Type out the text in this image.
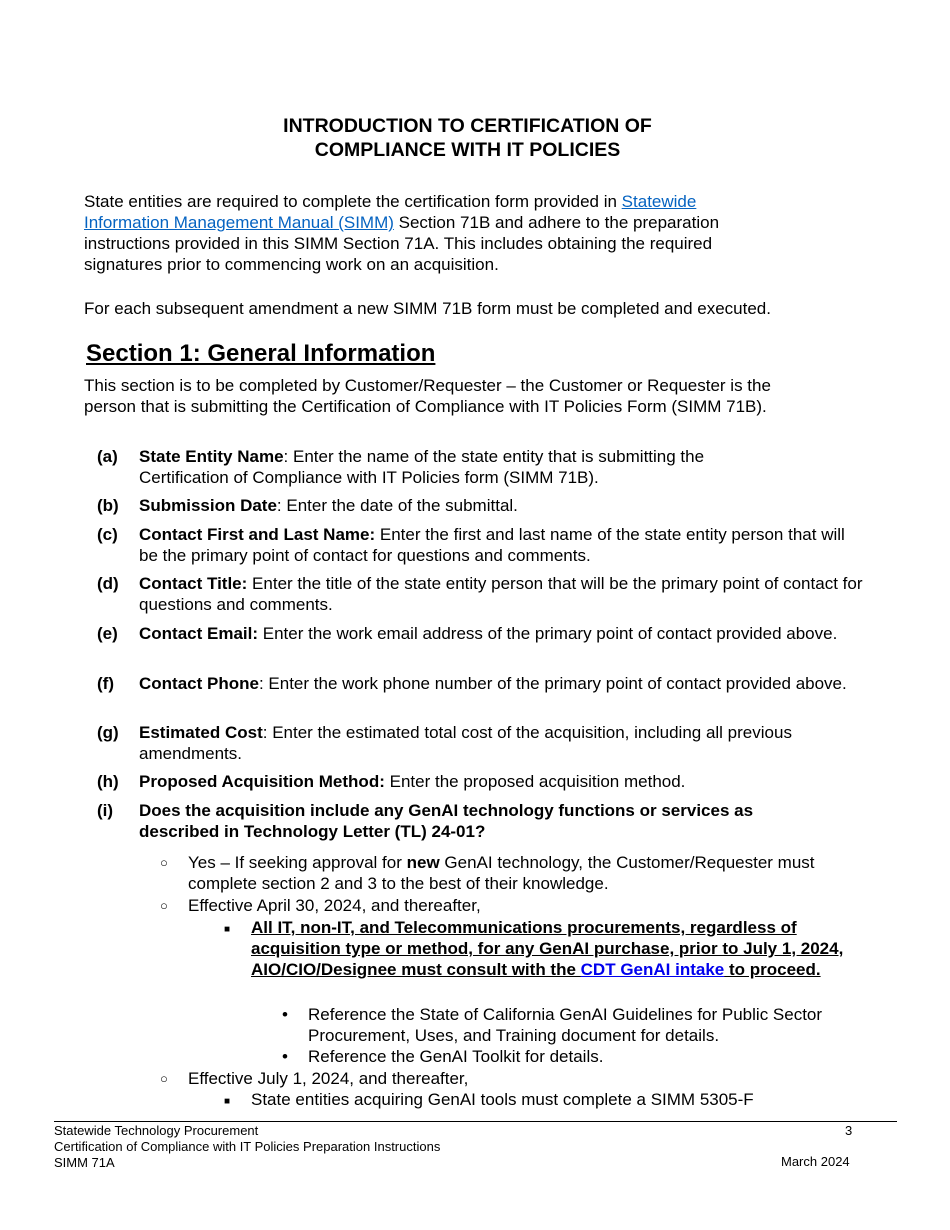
INTRODUCTION TO CERTIFICATION OF
COMPLIANCE WITH IT POLICIES
State entities are required to complete the certification form provided in Statewide Information Management Manual (SIMM) Section 71B and adhere to the preparation instructions provided in this SIMM Section 71A. This includes obtaining the required signatures prior to commencing work on an acquisition.
For each subsequent amendment a new SIMM 71B form must be completed and executed.
Section 1: General Information
This section is to be completed by Customer/Requester – the Customer or Requester is the person that is submitting the Certification of Compliance with IT Policies Form (SIMM 71B).
(a) State Entity Name: Enter the name of the state entity that is submitting the Certification of Compliance with IT Policies form (SIMM 71B).
(b) Submission Date: Enter the date of the submittal.
(c) Contact First and Last Name: Enter the first and last name of the state entity person that will be the primary point of contact for questions and comments.
(d) Contact Title: Enter the title of the state entity person that will be the primary point of contact for questions and comments.
(e) Contact Email: Enter the work email address of the primary point of contact provided above.
(f) Contact Phone: Enter the work phone number of the primary point of contact provided above.
(g) Estimated Cost: Enter the estimated total cost of the acquisition, including all previous amendments.
(h) Proposed Acquisition Method: Enter the proposed acquisition method.
(i) Does the acquisition include any GenAI technology functions or services as described in Technology Letter (TL) 24-01?
○ Yes – If seeking approval for new GenAI technology, the Customer/Requester must complete section 2 and 3 to the best of their knowledge.
○ Effective April 30, 2024, and thereafter,
■ All IT, non-IT, and Telecommunications procurements, regardless of acquisition type or method, for any GenAI purchase, prior to July 1, 2024, AIO/CIO/Designee must consult with the CDT GenAI intake to proceed.
• Reference the State of California GenAI Guidelines for Public Sector Procurement, Uses, and Training document for details.
• Reference the GenAI Toolkit for details.
○ Effective July 1, 2024, and thereafter,
■ State entities acquiring GenAI tools must complete a SIMM 5305-F
Statewide Technology Procurement
Certification of Compliance with IT Policies Preparation Instructions
SIMM 71A
3
March 2024
